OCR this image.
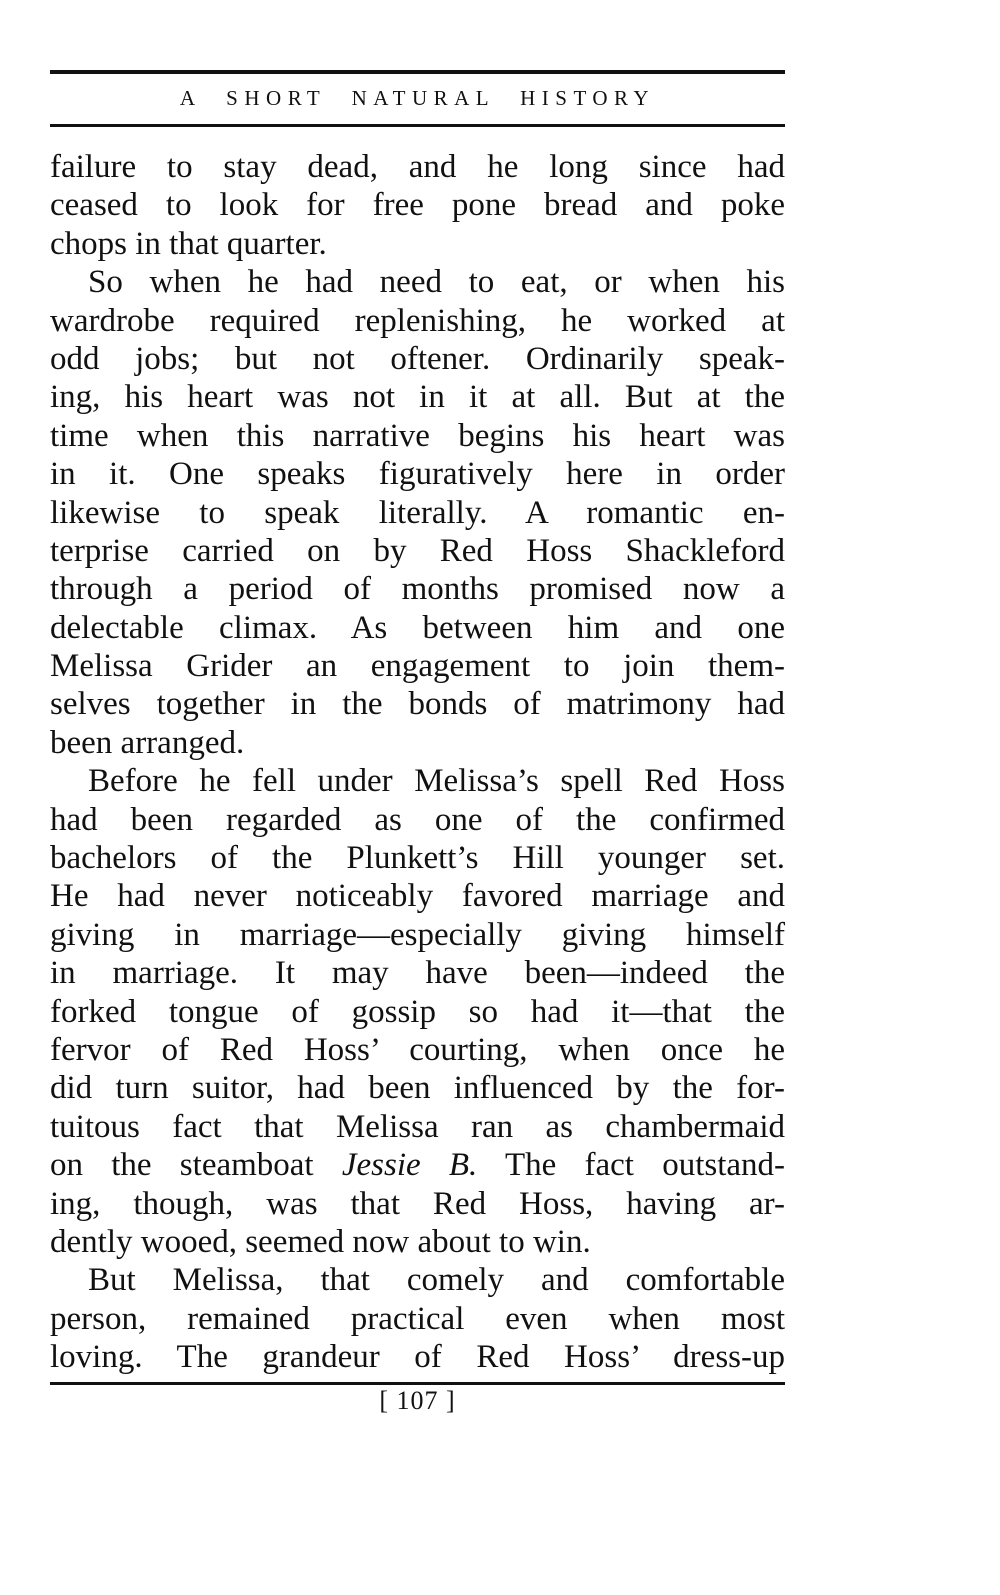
A SHORT NATURAL HISTORY
failure to stay dead, and he long since had
ceased to look for free pone bread and poke
chops in that quarter.
So when he had need to eat, or when his
wardrobe required replenishing, he worked at
odd jobs; but not oftener. Ordinarily speak-
ing, his heart was not in it at all. But at the
time when this narrative begins his heart was
in it. One speaks figuratively here in order
likewise to speak literally. A romantic en-
terprise carried on by Red Hoss Shackleford
through a period of months promised now a
delectable climax. As between him and one
Melissa Grider an engagement to join them-
selves together in the bonds of matrimony had
been arranged.
Before he fell under Melissa’s spell Red Hoss
had been regarded as one of the confirmed
bachelors of the Plunkett’s Hill younger set.
He had never noticeably favored marriage and
giving in marriage—especially giving himself
in marriage. It may have been—indeed the
forked tongue of gossip so had it—that the
fervor of Red Hoss’ courting, when once he
did turn suitor, had been influenced by the for-
tuitous fact that Melissa ran as chambermaid
on the steamboat Jessie B. The fact outstand-
ing, though, was that Red Hoss, having ar-
dently wooed, seemed now about to win.
But Melissa, that comely and comfortable
person, remained practical even when most
loving. The grandeur of Red Hoss’ dress-up
[ 107 ]
